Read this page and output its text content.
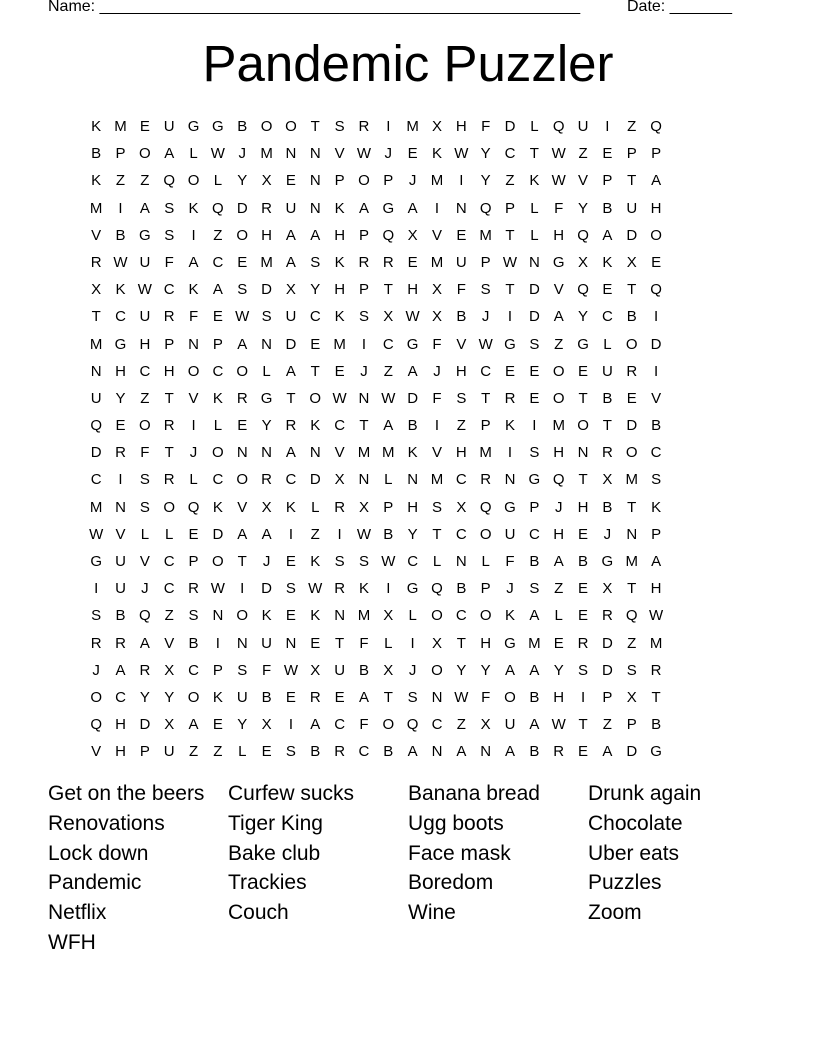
Name: ______________________________________________________	Date: _______
Pandemic Puzzler
K M E U G G B O O T S R	I	M X H F D L Q U	I	Z Q
B P O A	L W J M N N V W J	E K W Y C T W Z E P P
K Z	Z Q O L	Y X E N P O P	J M	I	Y Z K W V P T A
M	I	A S K Q D R U N K A G A	I	N Q P	L	F Y B U H
V B G S	I	Z O H A A H P Q X V E M T	L H Q A D O
R W U F A C E M A S K R R E M U P W N G X K X E
X K W C K A S D X Y H P T H X F S T D V Q E T Q
T C U R F E W S U C K S X W X B	J	I	D A Y C B	I
M G H P N P A N D E M	I	C G F V W G S Z G L O D
N H C H O C O L	A T E	J	Z A	J	H C E E O E U R	I
U Y Z	T V K R G T O W N W D F S T R E O T B E V
Q E O R	I	L	E Y R K C T A B	I	Z P K	I	M O T D B
D R F	T	J O N N A N V M M K V H M	I	S H N R O C
C	I	S R L C O R C D X N L N M C R N G Q T X M S
M N S O Q K V X K	L R X P H S X Q G P	J	H B T K
W V	L	L	E D A A	I	Z	I	W B Y T C O U C H E	J	N P
G U V C P O T	J	E K S S W C L N L	F B A B G M A
I	U	J	C R W	I	D S W R K	I	G Q B P	J	S Z E X T H
S B Q Z S N O K E K N M X	L O C O K A	L	E R Q W
R R A V B	I	N U N E T	F	L	I	X T H G M E R D Z M
J	A R X C P S F W X U B X	J O Y Y A A Y S D S R
O C Y Y O K U B E R E A T S N W F O B H	I	P X T
Q H D X A E Y X	I	A C F O Q C Z X U A W T	Z P B
V H P U Z	Z	L	E S B R C B A N A N A B R E A D G
Get on the beers	Curfew sucks	Banana bread	Drunk again
Renovations	Tiger King	Ugg boots	Chocolate
Lock down	Bake club	Face mask	Uber eats
Pandemic	Trackies	Boredom	Puzzles
Netflix	Couch	Wine	Zoom
WFH
